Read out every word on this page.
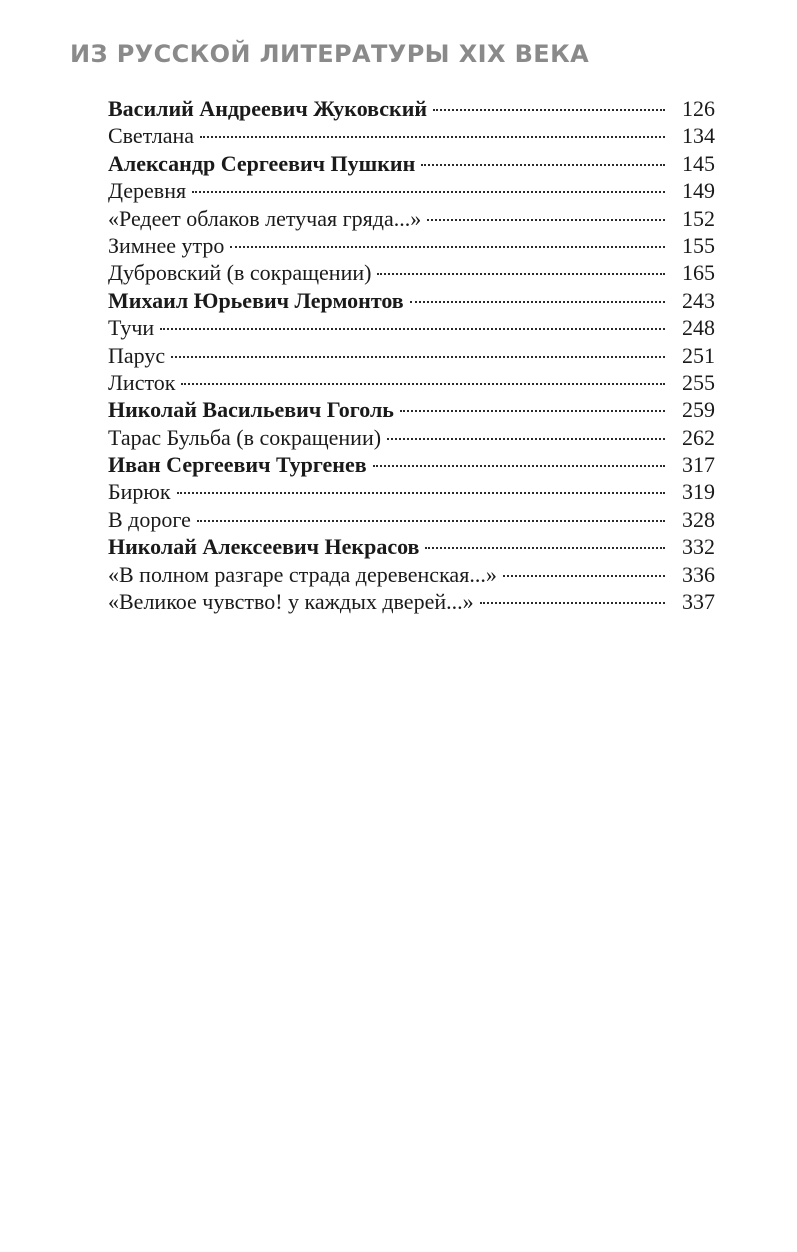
ИЗ РУССКОЙ ЛИТЕРАТУРЫ XIX ВЕКА
Василий Андреевич Жуковский	126
Светлана	134
Александр Сергеевич Пушкин	145
Деревня	149
«Редеет облаков летучая гряда...»	152
Зимнее утро	155
Дубровский (в сокращении)	165
Михаил Юрьевич Лермонтов	243
Тучи	248
Парус	251
Листок	255
Николай Васильевич Гоголь	259
Тарас Бульба (в сокращении)	262
Иван Сергеевич Тургенев	317
Бирюк	319
В дороге	328
Николай Алексеевич Некрасов	332
«В полном разгаре страда деревенская...»	336
«Великое чувство! у каждых дверей...»	337
